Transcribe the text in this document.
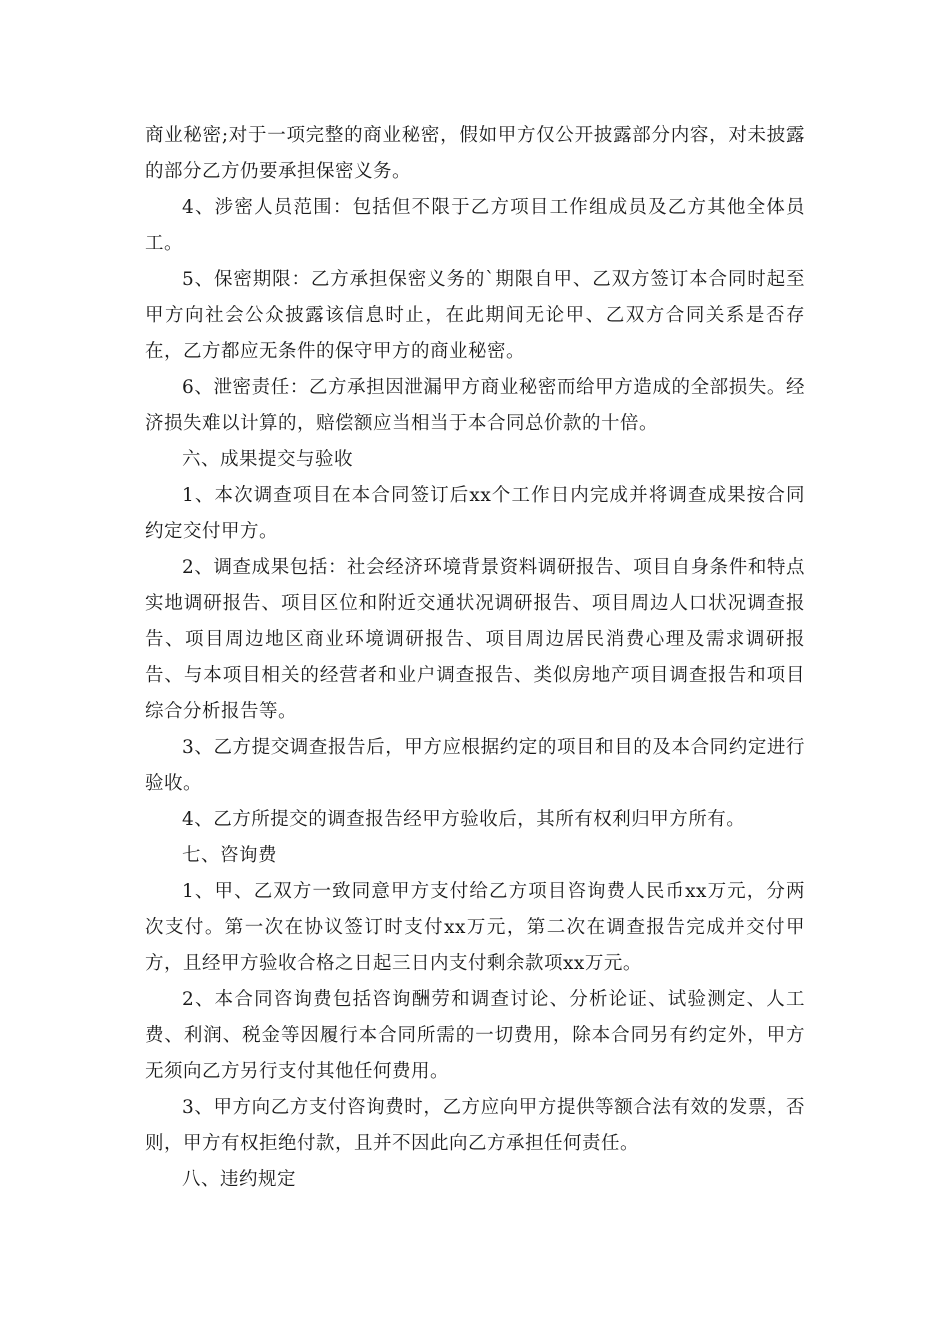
商业秘密;对于一项完整的商业秘密，假如甲方仅公开披露部分内容，对未披露的部分乙方仍要承担保密义务。

4、涉密人员范围：包括但不限于乙方项目工作组成员及乙方其他全体员工。

5、保密期限：乙方承担保密义务的`期限自甲、乙双方签订本合同时起至甲方向社会公众披露该信息时止，在此期间无论甲、乙双方合同关系是否存在，乙方都应无条件的保守甲方的商业秘密。

6、泄密责任：乙方承担因泄漏甲方商业秘密而给甲方造成的全部损失。经济损失难以计算的，赔偿额应当相当于本合同总价款的十倍。

六、成果提交与验收

1、本次调查项目在本合同签订后xx个工作日内完成并将调查成果按合同约定交付甲方。

2、调查成果包括：社会经济环境背景资料调研报告、项目自身条件和特点实地调研报告、项目区位和附近交通状况调研报告、项目周边人口状况调查报告、项目周边地区商业环境调研报告、项目周边居民消费心理及需求调研报告、与本项目相关的经营者和业户调查报告、类似房地产项目调查报告和项目综合分析报告等。

3、乙方提交调查报告后，甲方应根据约定的项目和目的及本合同约定进行验收。

4、乙方所提交的调查报告经甲方验收后，其所有权利归甲方所有。

七、咨询费

1、甲、乙双方一致同意甲方支付给乙方项目咨询费人民币xx万元，分两次支付。第一次在协议签订时支付xx万元，第二次在调查报告完成并交付甲方，且经甲方验收合格之日起三日内支付剩余款项xx万元。

2、本合同咨询费包括咨询酬劳和调查讨论、分析论证、试验测定、人工费、利润、税金等因履行本合同所需的一切费用，除本合同另有约定外，甲方无须向乙方另行支付其他任何费用。

3、甲方向乙方支付咨询费时，乙方应向甲方提供等额合法有效的发票，否则，甲方有权拒绝付款，且并不因此向乙方承担任何责任。

八、违约规定
